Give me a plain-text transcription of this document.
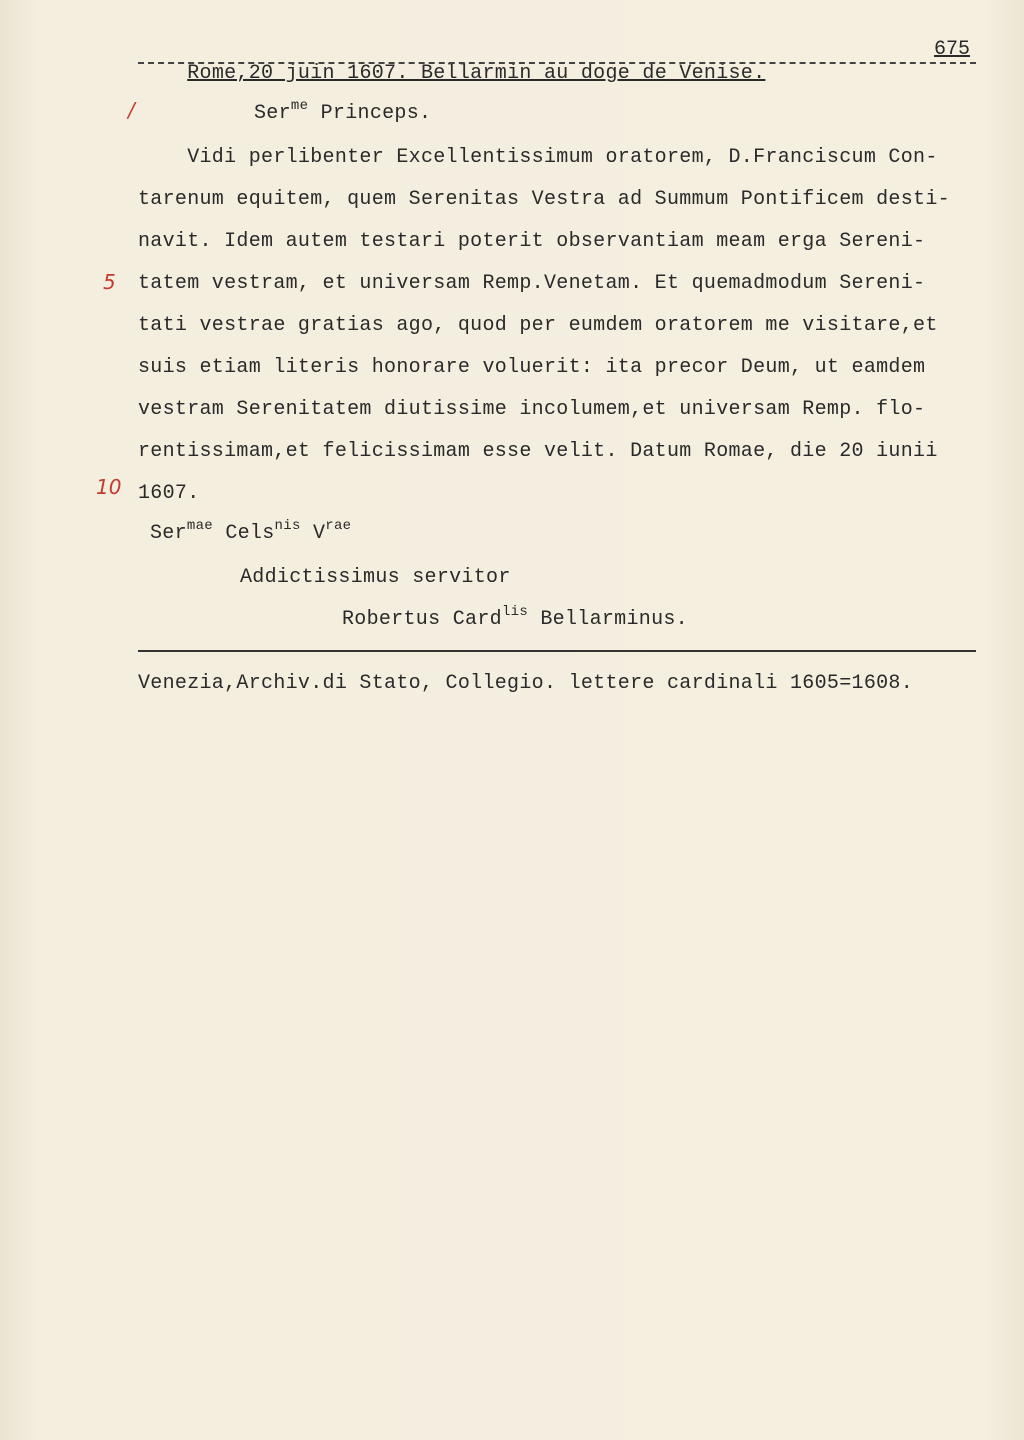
Rome,20 juin 1607. Bellarmin au doge de Venise.

675
/
5
10
Ser$^{me}$ Princeps.
Vidi perlibenter Excellentissimum oratorem, D.Franciscum Con-
tarenum equitem, quem Serenitas Vestra ad Summum Pontificem desti-
navit. Idem autem testari poterit observantiam meam erga Sereni-
tatem vestram, et universam Remp.Venetam. Et quemadmodum Sereni-
tati vestrae gratias ago, quod per eumdem oratorem me visitare,et
suis etiam literis honorare voluerit: ita precor Deum, ut eamdem
vestram Serenitatem diutissime incolumem,et universam Remp. flo-
rentissimam,et felicissimam esse velit. Datum Romae, die 20 iunii
1607.
Ser$^{mae}$ Cels$^{nis}$ $V^{rae}$
Addictissimus servitor
Robertus Card$^{lis}$ Bellarminus.
Venezia,Archiv.di Stato, Collegio. lettere cardinali 1605=1608.
